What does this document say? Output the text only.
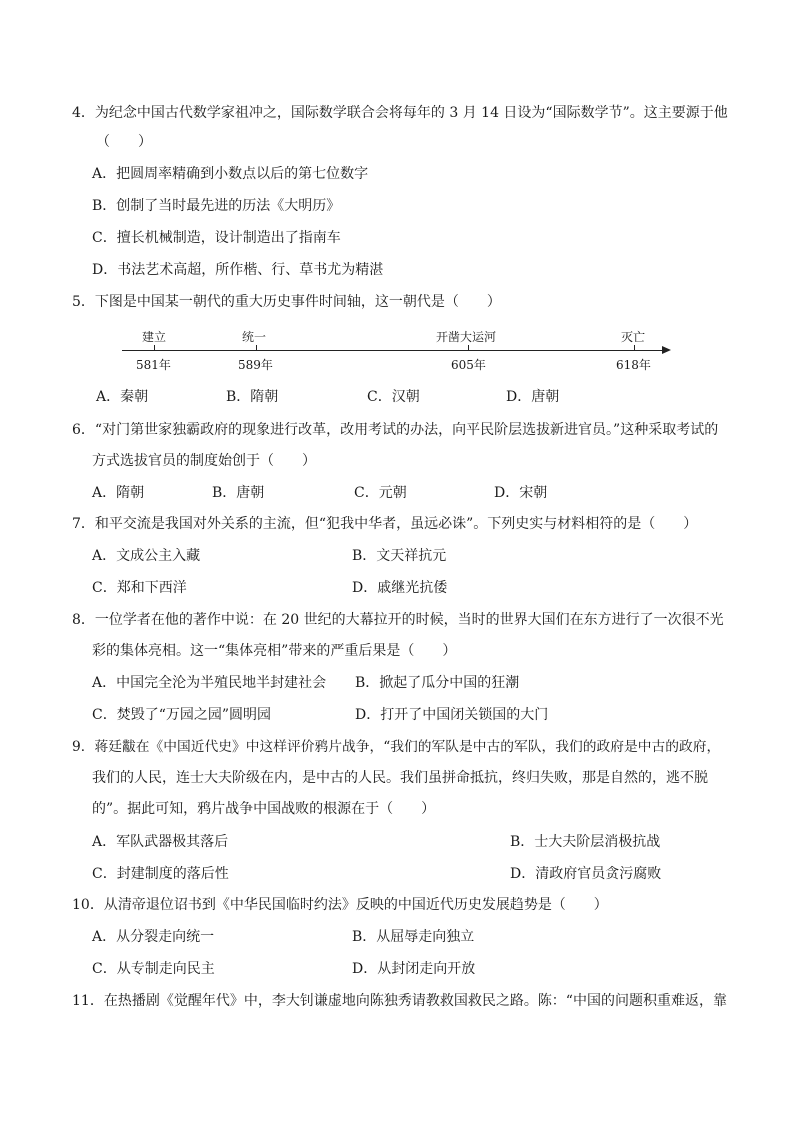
4．为纪念中国古代数学家祖冲之，国际数学联合会将每年的 3 月 14 日设为“国际数学节”。这主要源于他
（　　）
A．把圆周率精确到小数点以后的第七位数字
B．创制了当时最先进的历法《大明历》
C．擅长机械制造，设计制造出了指南车
D．书法艺术高超，所作楷、行、草书尤为精湛
5．下图是中国某一朝代的重大历史事件时间轴，这一朝代是（　　）
建立
581年
统一
589年
开凿大运河
605年
灭亡
618年
A．秦朝	B．隋朝	C．汉朝	D．唐朝
6．“对门第世家独霸政府的现象进行改革，改用考试的办法，向平民阶层选拔新进官员。”这种采取考试的
方式选拔官员的制度始创于（　　）
A．隋朝	B．唐朝	C．元朝	D．宋朝
7．和平交流是我国对外关系的主流，但“犯我中华者，虽远必诛”。下列史实与材料相符的是（　　）
A．文成公主入藏	B．文天祥抗元
C．郑和下西洋	D．戚继光抗倭
8．一位学者在他的著作中说：在 20 世纪的大幕拉开的时候，当时的世界大国们在东方进行了一次很不光
彩的集体亮相。这一“集体亮相”带来的严重后果是（　　）
A．中国完全沦为半殖民地半封建社会 B．掀起了瓜分中国的狂潮
C．焚毁了“万园之园”圆明园	D．打开了中国闭关锁国的大门
9．蒋廷黻在《中国近代史》中这样评价鸦片战争，“我们的军队是中古的军队，我们的政府是中古的政府，
我们的人民，连士大夫阶级在内，是中古的人民。我们虽拼命抵抗，终归失败，那是自然的，逃不脱
的”。据此可知，鸦片战争中国战败的根源在于（　　）
A．军队武器极其落后	B．士大夫阶层消极抗战
C．封建制度的落后性	D．清政府官员贪污腐败
10．从清帝退位诏书到《中华民国临时约法》反映的中国近代历史发展趋势是（　　）
A．从分裂走向统一	B．从屈辱走向独立
C．从专制走向民主	D．从封闭走向开放
11．在热播剧《觉醒年代》中，李大钊谦虚地向陈独秀请教救国救民之路。陈：“中国的问题积重难返，靠
